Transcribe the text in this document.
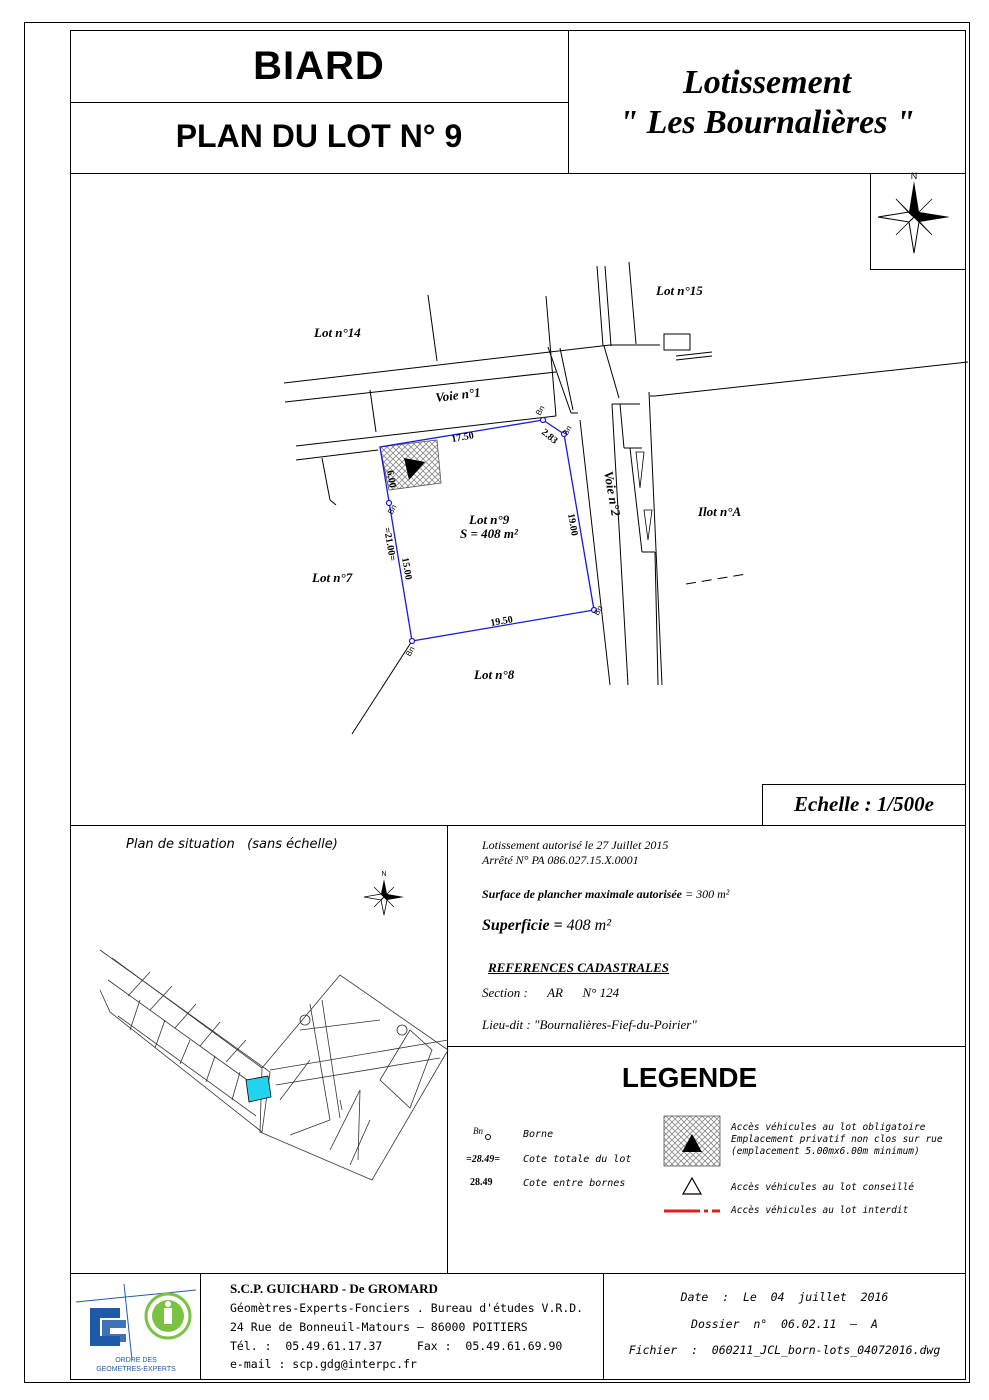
BIARD
PLAN DU LOT N° 9
Lotissement
" Les Bournalières "
Echelle : 1/500e
N
Bn
Bn
Bn
Bn
Bn
17.50	2.83
19.00
19.50
6.00
15.00
=21.00=
Lot n°15
Lot n°14
Lot n°7
Lot n°8
Ilot n°A
Lot n°9
S = 408 m²
Voie n°1
Voie n°2
N
Plan de situation   (sans échelle)	Lotissement autorisé le 27 Juillet 2015
Arrêté N° PA 086.027.15.X.0001
Surface de plancher maximale autorisée = 300 m²
Superficie = 408 m²
REFERENCES CADASTRALES
Section :      AR      N° 124
Lieu-dit : "Bournalières-Fief-du-Poirier"
LEGENDE
Bn	Borne
=28.49= Cote totale du lot
28.49	Cote entre bornes
Accès véhicules au lot obligatoire
Emplacement privatif non clos sur rue
(emplacement 5.00mx6.00m minimum)
Accès véhicules au lot conseillé
Accès véhicules au lot interdit
ORDRE DES
GEOMETRES-EXPERTS
S.C.P. GUICHARD - De GROMARD
Géomètres-Experts-Fonciers . Bureau d'études V.R.D.
24 Rue de Bonneuil-Matours — 86000 POITIERS
Tél. :  05.49.61.17.37     Fax :  05.49.61.69.90
e-mail : scp.gdg@interpc.fr
Date  :  Le  04  juillet  2016
Dossier  n°  06.02.11  —  A
Fichier  :  060211_JCL_born-lots_04072016.dwg
